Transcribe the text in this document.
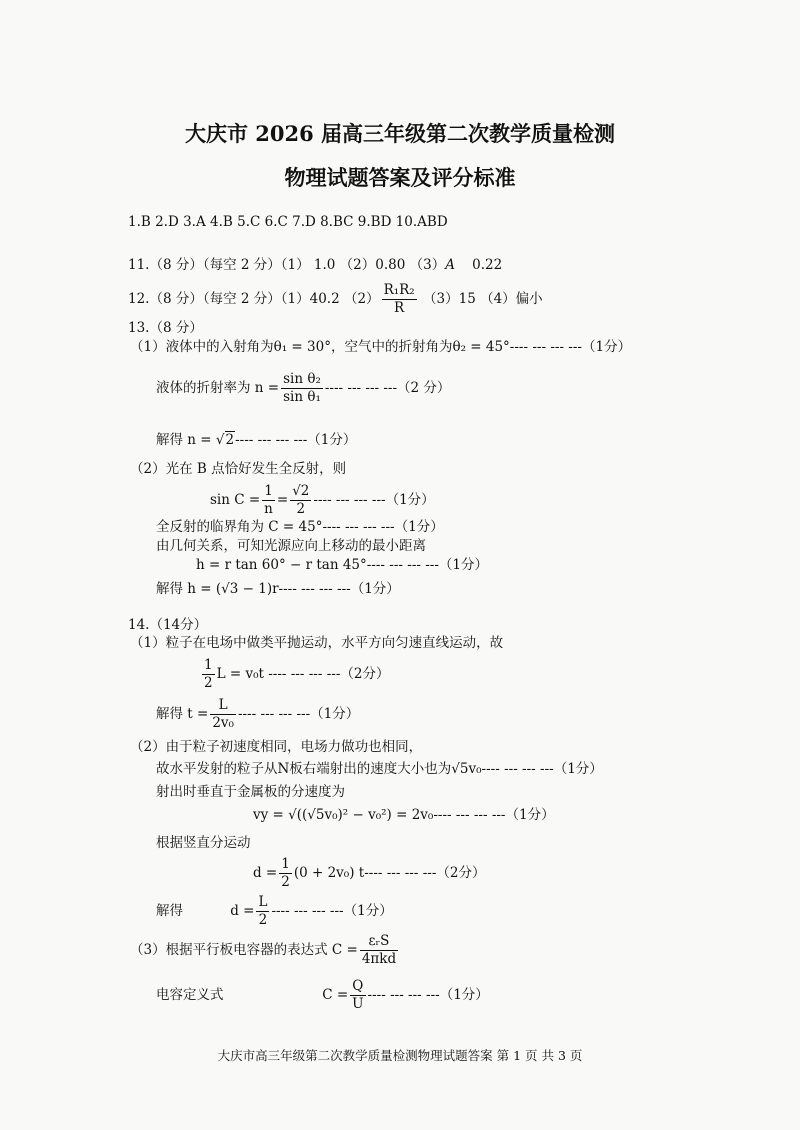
大庆市 2026 届高三年级第二次教学质量检测
物理试题答案及评分标准
1.B 2.D 3.A 4.B 5.C 6.C 7.D 8.BC 9.BD 10.ABD
11.（8 分）（每空 2 分）（1） 1.0 （2）0.80 （3）A 0.22
12.（8 分）（每空 2 分）（1）40.2 $(2) \frac{\text{R₁R₂}}{R} (3)15$ （4）偏小
13.（8 分）
（1）液体中的入射角为θ₁ = 30°，空气中的折射角为θ₂ = 45°---- --- --- ---（1分）
液体的折射率为 $n = \frac{\text{sin θ₂}}{\text{sin θ₁}}$ ---- --- --- ---（2 分）
解得 n = √2---- --- --- ---（1分）
（2）光在 B 点恰好发生全反射，则
$\sin C = \frac{1}{n} = \frac{√2}{2}$ ---- --- --- ---（1分）
全反射的临界角为 C = 45°---- --- --- ---（1分）
由几何关系，可知光源应向上移动的最小距离
h = r tan 60° − r tan 45°---- --- --- ---（1分）
解得 h = (√3 − 1)r---- --- --- ---（1分）
14.（14分）
（1）粒子在电场中做类平抛运动，水平方向匀速直线运动，故
$\frac{1}{2}$ L = v₀t ---- --- --- ---（2分）
解得 $t = \frac{L}{\text{2v₀}}$ ---- --- --- ---（1分）
（2）由于粒子初速度相同，电场力做功也相同，
故水平发射的粒子从N板右端射出的速度大小也为√5v₀---- --- --- ---（1分）
射出时垂直于金属板的分速度为
vy = √((√5v₀)² − v₀²) = 2v₀---- --- --- ---（1分）
根据竖直分运动
$d = \frac{1}{2} (0 + 2v_0)$ t---- --- --- ---（2分）
解得	$d = \frac{L}{2}$ ---- --- --- ---（1分）
（3）根据平行板电容器的表达式 $C = \frac{\text{εᵣS}}{\text{4πkd}}$
电容定义式	$C = \frac{Q}{U}$ ---- --- --- ---（1分）
大庆市高三年级第二次教学质量检测物理试题答案 第 1 页 共 3 页
